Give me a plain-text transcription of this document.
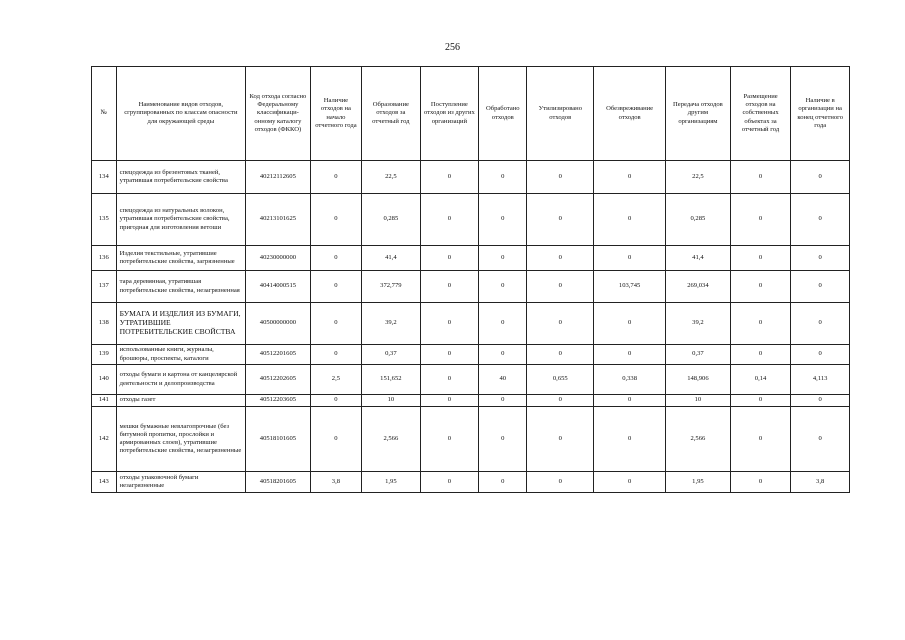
256
№	Наименование видов отходов, сгруппированных по классам опасности для окружающей среды	Код отхода согласно Федеральному классификаци-онному каталогу отходов (ФККО)	Наличие отходов на начало отчетного года	Образование отходов за отчетный год	Поступление отходов из других организаций	Обработано отходов	Утилизировано отходов	Обезвреживание отходов	Передача отходов другим организациям	Размещение отходов на собственных объектах за отчетный год	Наличие в организации на конец отчетного года
134	спецодежда из брезентовых тканей, утратившая потребительские свойства	40212112605	0	22,5	0	0	0	0	22,5	0	0
135	спецодежда из натуральных волокон, утратившая потребительские свойства, пригодная для изготовления ветоши	40213101625	0	0,285	0	0	0	0	0,285	0	0
136	Изделия текстильные, утратившие потребительские свойства, загрязненные	40230000000	0	41,4	0	0	0	0	41,4	0	0
137	тара деревянная, утратившая потребительские свойства, незагрязненная	40414000515	0	372,779	0	0	0	103,745	269,034	0	0
138	БУМАГА И ИЗДЕЛИЯ ИЗ БУМАГИ, УТРАТИВШИЕ ПОТРЕБИТЕЛЬСКИЕ СВОЙСТВА	40500000000	0	39,2	0	0	0	0	39,2	0	0
139	использованные книги, журналы, брошюры, проспекты, каталоги	40512201605	0	0,37	0	0	0	0	0,37	0	0
140	отходы бумаги и картона от канцелярской деятельности и делопроизводства	40512202605	2,5	151,652	0	40	0,655	0,338	148,906	0,14	4,113
141	отходы газет	40512203605	0	10	0	0	0	0	10	0	0
142	мешки бумажные невлагопрочные (без битумной пропитки, прослойки и армированных слоев), утратившие потребительские свойства, незагрязненные	40518101605	0	2,566	0	0	0	0	2,566	0	0
143	отходы упаковочной бумаги незагрязненные	40518201605	3,8	1,95	0	0	0	0	1,95	0	3,8
